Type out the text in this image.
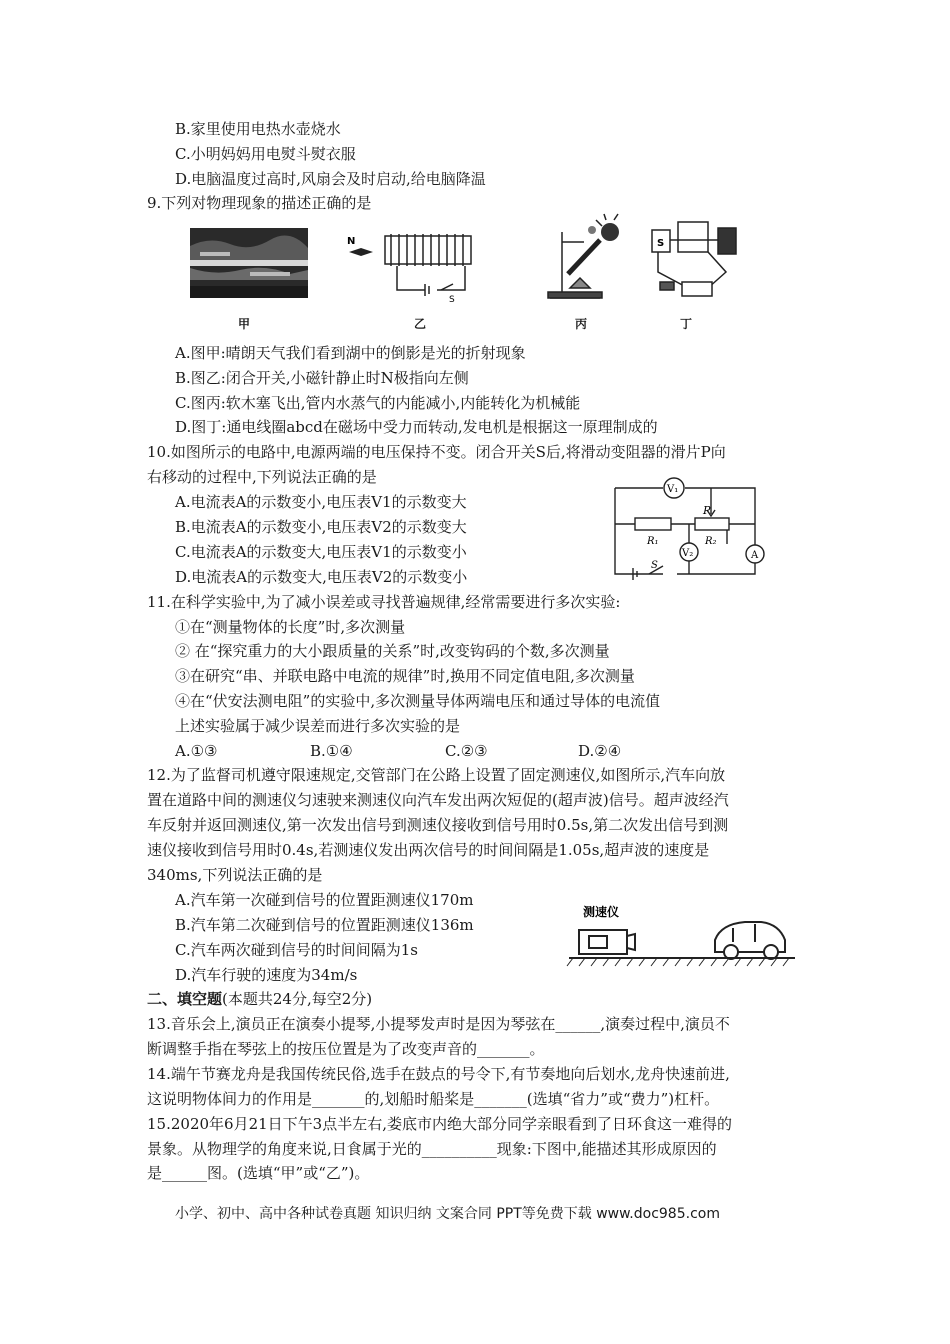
B.家里使用电热水壶烧水
C.小明妈妈用电熨斗熨衣服
D.电脑温度过高时,风扇会及时启动,给电脑降温
9.下列对物理现象的描述正确的是
甲
N
S
乙	丙
S
丁
A.图甲:晴朗天气我们看到湖中的倒影是光的折射现象
B.图乙:闭合开关,小磁针静止时N极指向左侧
C.图丙:软木塞飞出,管内水蒸气的内能减小,内能转化为机械能
D.图丁:通电线圈abcd在磁场中受力而转动,发电机是根据这一原理制成的
10.如图所示的电路中,电源两端的电压保持不变。闭合开关S后,将滑动变阻器的滑片P向
右移动的过程中,下列说法正确的是
A.电流表A的示数变小,电压表V1的示数变大
B.电流表A的示数变小,电压表V2的示数变大
C.电流表A的示数变大,电压表V1的示数变小
D.电流表A的示数变大,电压表V2的示数变小
V₁
V₂	A
P
R₁	R₂
S
11.在科学实验中,为了减小误差或寻找普遍规律,经常需要进行多次实验:
①在“测量物体的长度”时,多次测量
② 在“探究重力的大小跟质量的关系”时,改变钩码的个数,多次测量
③在研究“串、并联电路中电流的规律”时,换用不同定值电阻,多次测量
④在“伏安法测电阻”的实验中,多次测量导体两端电压和通过导体的电流值
上述实验属于减少误差而进行多次实验的是
A.①③	B.①④	C.②③	D.②④
12.为了监督司机遵守限速规定,交管部门在公路上设置了固定测速仪,如图所示,汽车向放
置在道路中间的测速仪匀速驶来测速仪向汽车发出两次短促的(超声波)信号。超声波经汽
车反射并返回测速仪,第一次发出信号到测速仪接收到信号用时0.5s,第二次发出信号到测
速仪接收到信号用时0.4s,若测速仪发出两次信号的时间间隔是1.05s,超声波的速度是
340ms,下列说法正确的是
A.汽车第一次碰到信号的位置距测速仪170m
B.汽车第二次碰到信号的位置距测速仪136m
C.汽车两次碰到信号的时间间隔为1s
D.汽车行驶的速度为34m/s
测速仪
二、填空题(本题共24分,每空2分)
13.音乐会上,演员正在演奏小提琴,小提琴发声时是因为琴弦在______,演奏过程中,演员不
断调整手指在琴弦上的按压位置是为了改变声音的_______。
14.端午节赛龙舟是我国传统民俗,选手在鼓点的号令下,有节奏地向后划水,龙舟快速前进,
这说明物体间力的作用是_______的,划船时船桨是_______(选填“省力”或“费力”)杠杆。
15.2020年6月21日下午3点半左右,娄底市内绝大部分同学亲眼看到了日环食这一难得的
景象。从物理学的角度来说,日食属于光的__________现象:下图中,能描述其形成原因的
是______图。(选填“甲”或“乙”)。
小学、初中、高中各种试卷真题 知识归纳 文案合同 PPT等免费下载 www.doc985.com
